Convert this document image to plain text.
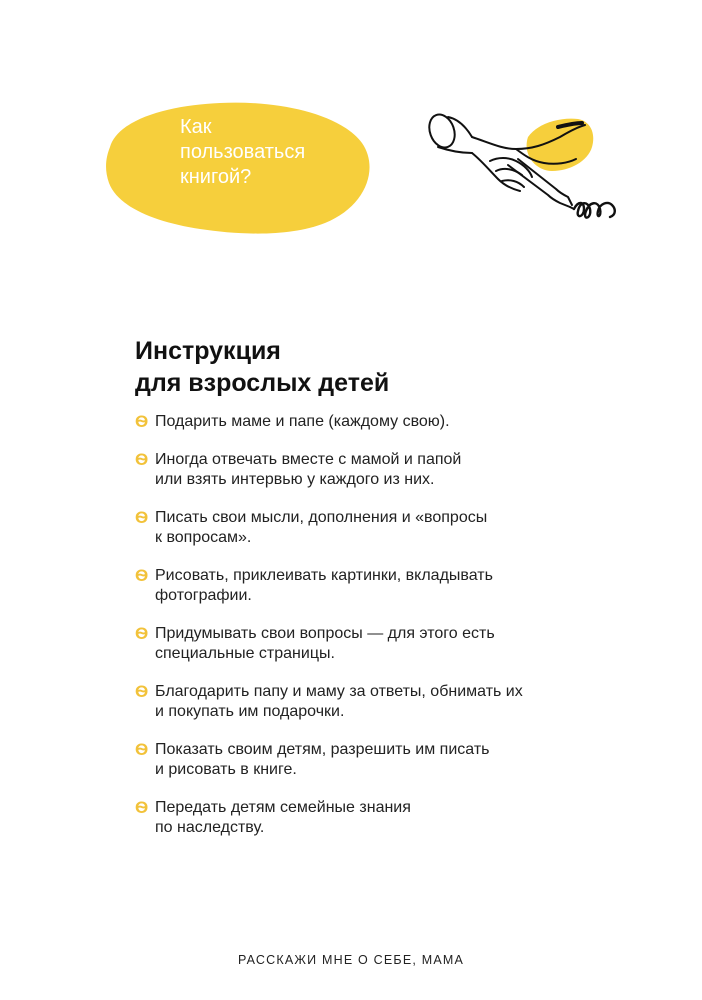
Как
пользоваться
книгой?
Инструкция
для взрослых детей
Ѳ Подарить маме и папе (каждому свою).
Ѳ Иногда отвечать вместе с мамой и папой
или взять интервью у каждого из них.
Ѳ Писать свои мысли, дополнения и «вопросы
к вопросам».
Ѳ Рисовать, приклеивать картинки, вкладывать
фотографии.
Ѳ Придумывать свои вопросы — для этого есть
специальные страницы.
Ѳ Благодарить папу и маму за ответы, обнимать их
и покупать им подарочки.
Ѳ Показать своим детям, разрешить им писать
и рисовать в книге.
Ѳ Передать детям семейные знания
по наследству.
РАССКАЖИ МНЕ О СЕБЕ, МАМА
